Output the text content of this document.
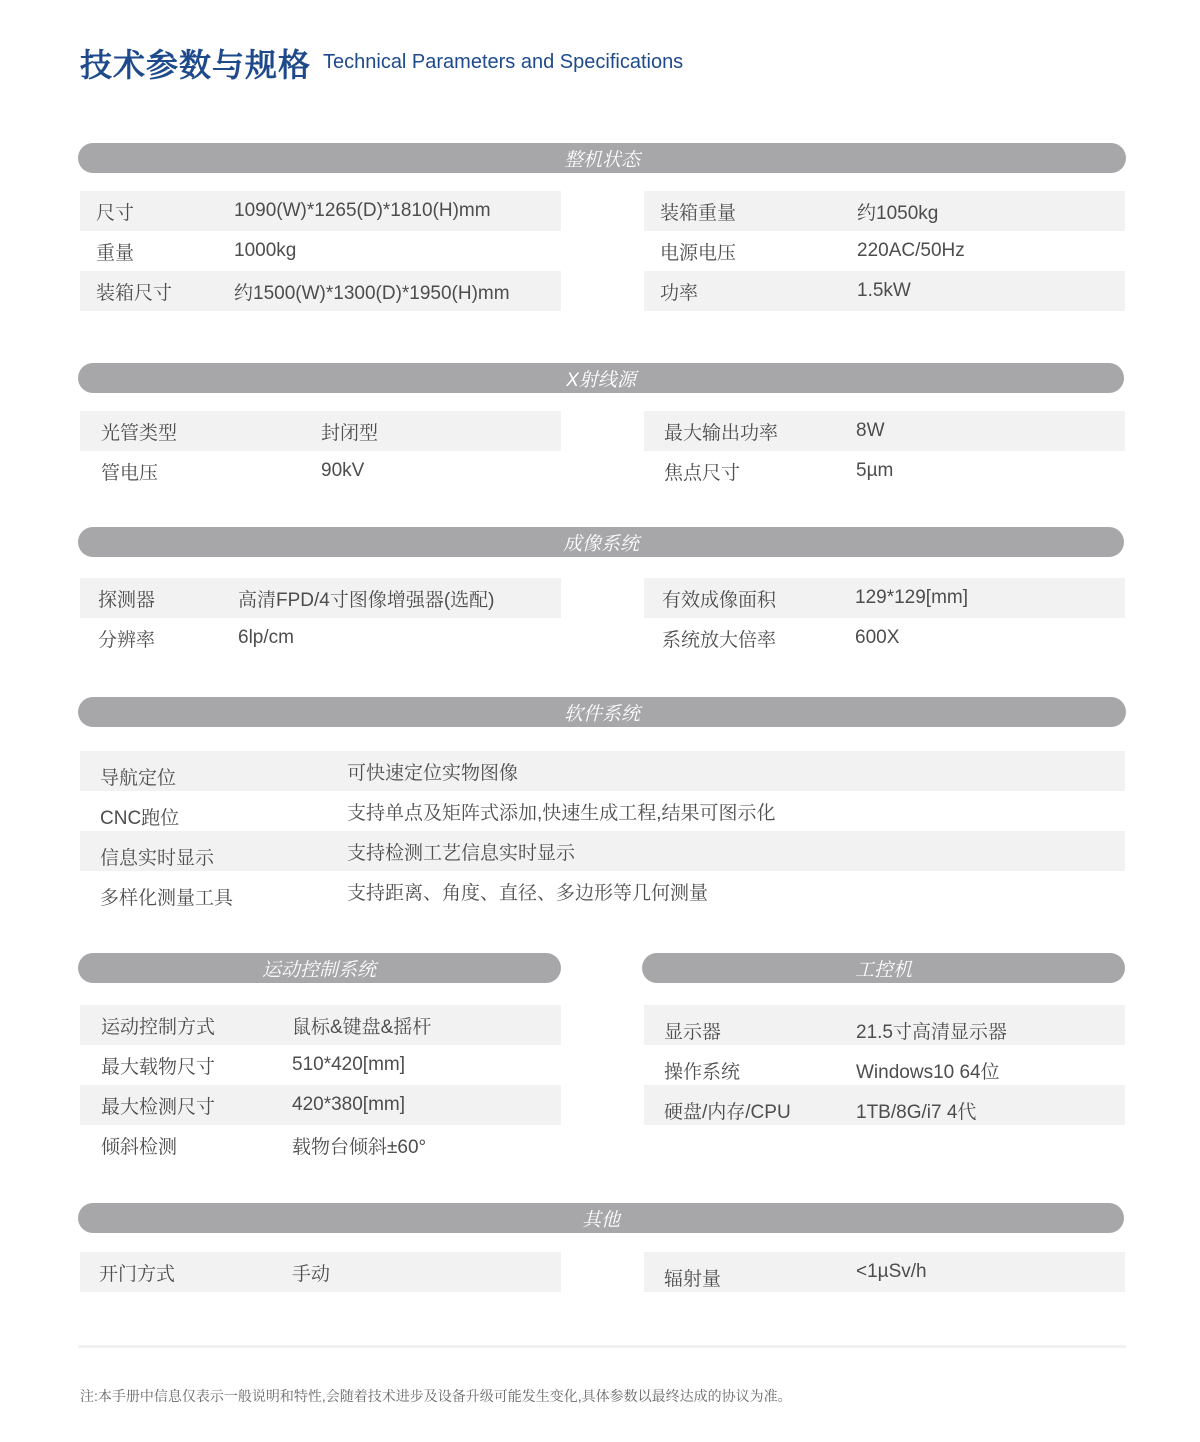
技术参数与规格 Technical Parameters and Specifications
整机状态
尺寸	1090(W)*1265(D)*1810(H)mm
重量	1000kg
装箱尺寸	约1500(W)*1300(D)*1950(H)mm
装箱重量	约1050kg
电源电压	220AC/50Hz
功率	1.5kW
X射线源
光管类型	封闭型
管电压	90kV
最大输出功率	8W
焦点尺寸	5µm
成像系统
探测器	高清FPD/4寸图像增强器(选配)
分辨率	6lp/cm
有效成像面积	129*129[mm]
系统放大倍率	600X
软件系统
导航定位	可快速定位实物图像
CNC跑位	支持单点及矩阵式添加,快速生成工程,结果可图示化
信息实时显示	支持检测工艺信息实时显示
多样化测量工具	支持距离、角度、直径、多边形等几何测量
运动控制系统
运动控制方式	鼠标&键盘&摇杆
最大载物尺寸	510*420[mm]
最大检测尺寸	420*380[mm]
倾斜检测	载物台倾斜±60°
工控机
显示器	21.5寸高清显示器
操作系统	Windows10 64位
硬盘/内存/CPU	1TB/8G/i7 4代
其他
开门方式	手动	辐射量	<1µSv/h
注:本手册中信息仅表示一般说明和特性,会随着技术进步及设备升级可能发生变化,具体参数以最终达成的协议为准。
